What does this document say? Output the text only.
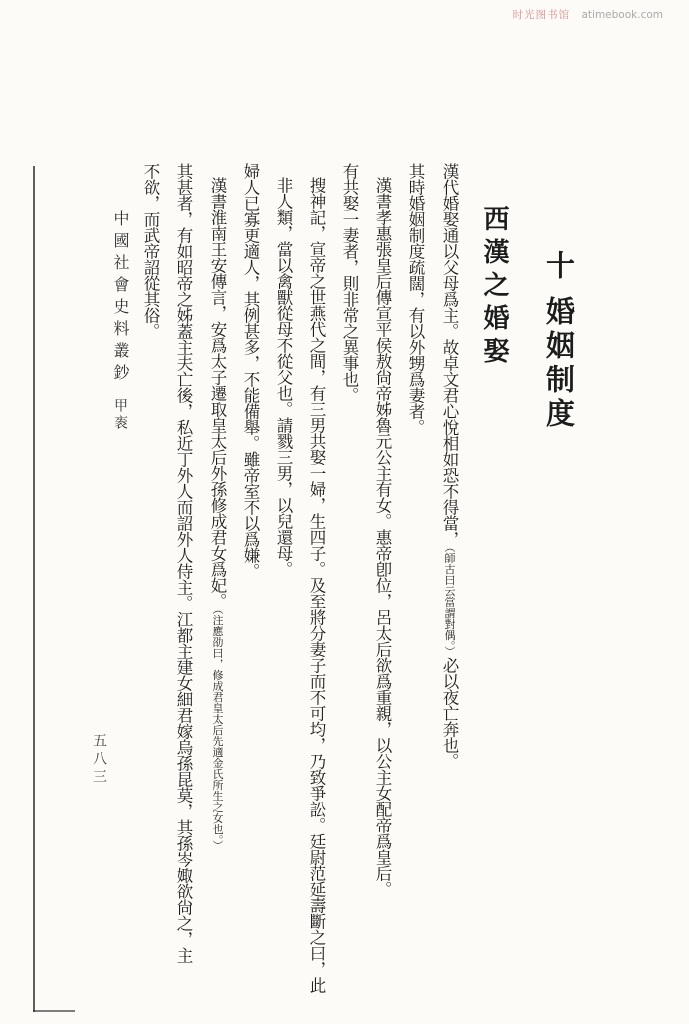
时光图书馆 atimebook.com

十婚姻制度

西漢之婚娶

漢代婚娶通以父母爲主。故卓文君心悅相如恐不得當，（師古曰云當謂對偶。）必以夜亡奔也。

其時婚姻制度疏闊，有以外甥爲妻者。

漢書孝惠張皇后傳宣平侯敖尙帝姊魯元公主有女。惠帝卽位，呂太后欲爲重親，以公主女配帝爲皇后。

有共娶一妻者，則非常之異事也。

搜神記，宣帝之世燕代之間，有三男共娶一婦，生四子。及至將分妻子而不可均，乃致爭訟。廷尉范延壽斷之曰，此

非人類，當以禽獸從母不從父也。請戮三男，以兒還母。

婦人已寡更適人，其例甚多，不能備舉。雖帝室不以爲嫌。

漢書淮南王安傳言，安爲太子遷取皇太后外孫修成君女爲妃。（注應劭曰，修成君皇太后先適金氏所生之女也。）

其甚者，有如昭帝之姊蓋主夫亡後，私近丁外人而詔外人侍主。江都主建女細君嫁烏孫昆莫，其孫岑娵欲尙之，主

不欲，而武帝詔從其俗。

中國社會史料叢鈔甲袠

五八三
